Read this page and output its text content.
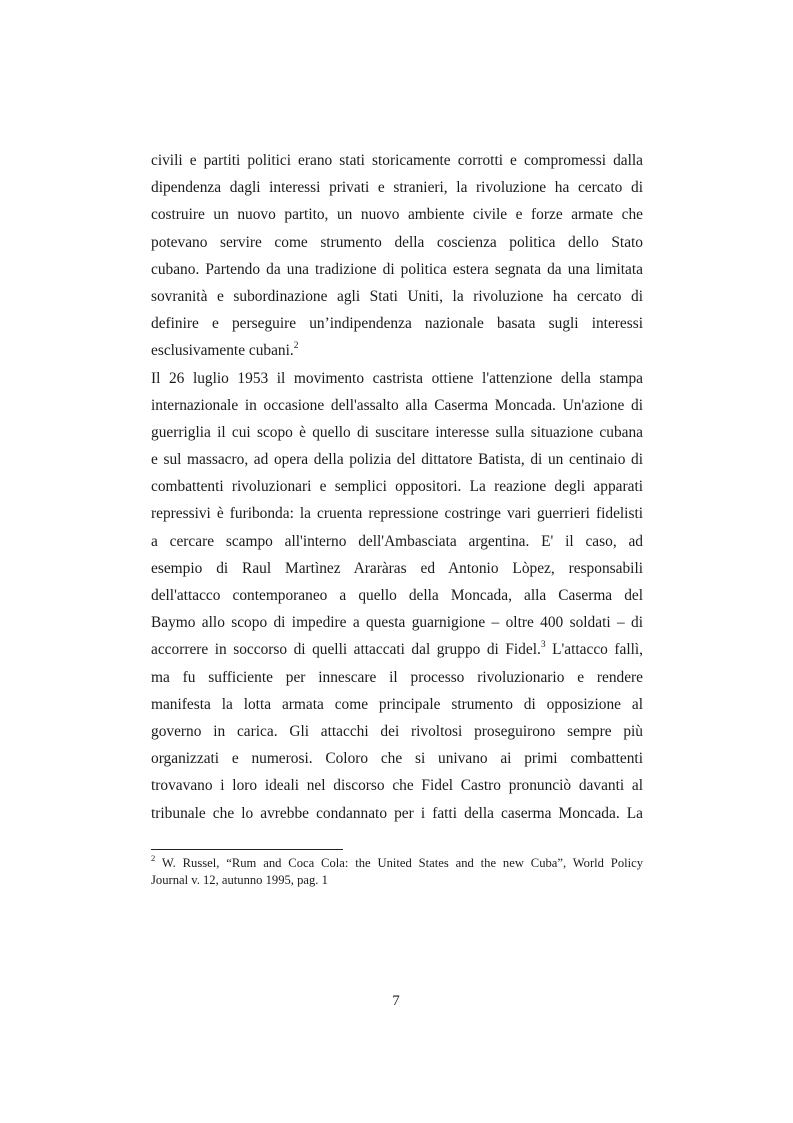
civili e partiti politici erano stati storicamente corrotti e compromessi dalla
dipendenza dagli interessi privati e stranieri, la rivoluzione ha cercato di
costruire un nuovo partito, un nuovo ambiente civile e forze armate che
potevano servire come strumento della coscienza politica dello Stato
cubano. Partendo da una tradizione di politica estera segnata da una limitata
sovranità e subordinazione agli Stati Uniti, la rivoluzione ha cercato di
definire e perseguire un’indipendenza nazionale basata sugli interessi
esclusivamente cubani.$^2$

Il 26 luglio 1953 il movimento castrista ottiene l'attenzione della stampa
internazionale in occasione dell'assalto alla Caserma Moncada. Un'azione di
guerriglia il cui scopo è quello di suscitare interesse sulla situazione cubana
e sul massacro, ad opera della polizia del dittatore Batista, di un centinaio di
combattenti rivoluzionari e semplici oppositori. La reazione degli apparati
repressivi è furibonda: la cruenta repressione costringe vari guerrieri fidelisti
a cercare scampo all'interno dell'Ambasciata argentina. E' il caso, ad
esempio di Raul Martìnez Araràras ed Antonio Lòpez, responsabili
dell'attacco contemporaneo a quello della Moncada, alla Caserma del
Baymo allo scopo di impedire a questa guarnigione – oltre 400 soldati – di
accorrere in soccorso di quelli attaccati dal gruppo di Fidel.$^3$ L'attacco fallì,
ma fu sufficiente per innescare il processo rivoluzionario e rendere
manifesta la lotta armata come principale strumento di opposizione al
governo in carica. Gli attacchi dei rivoltosi proseguirono sempre più
organizzati e numerosi. Coloro che si univano ai primi combattenti
trovavano i loro ideali nel discorso che Fidel Castro pronunciò davanti al
tribunale che lo avrebbe condannato per i fatti della caserma Moncada. La

$^2$ W. Russel, “Rum and Coca Cola: the United States and the new Cuba”, World Policy
Journal v. 12, autunno 1995, pag. 1
7
